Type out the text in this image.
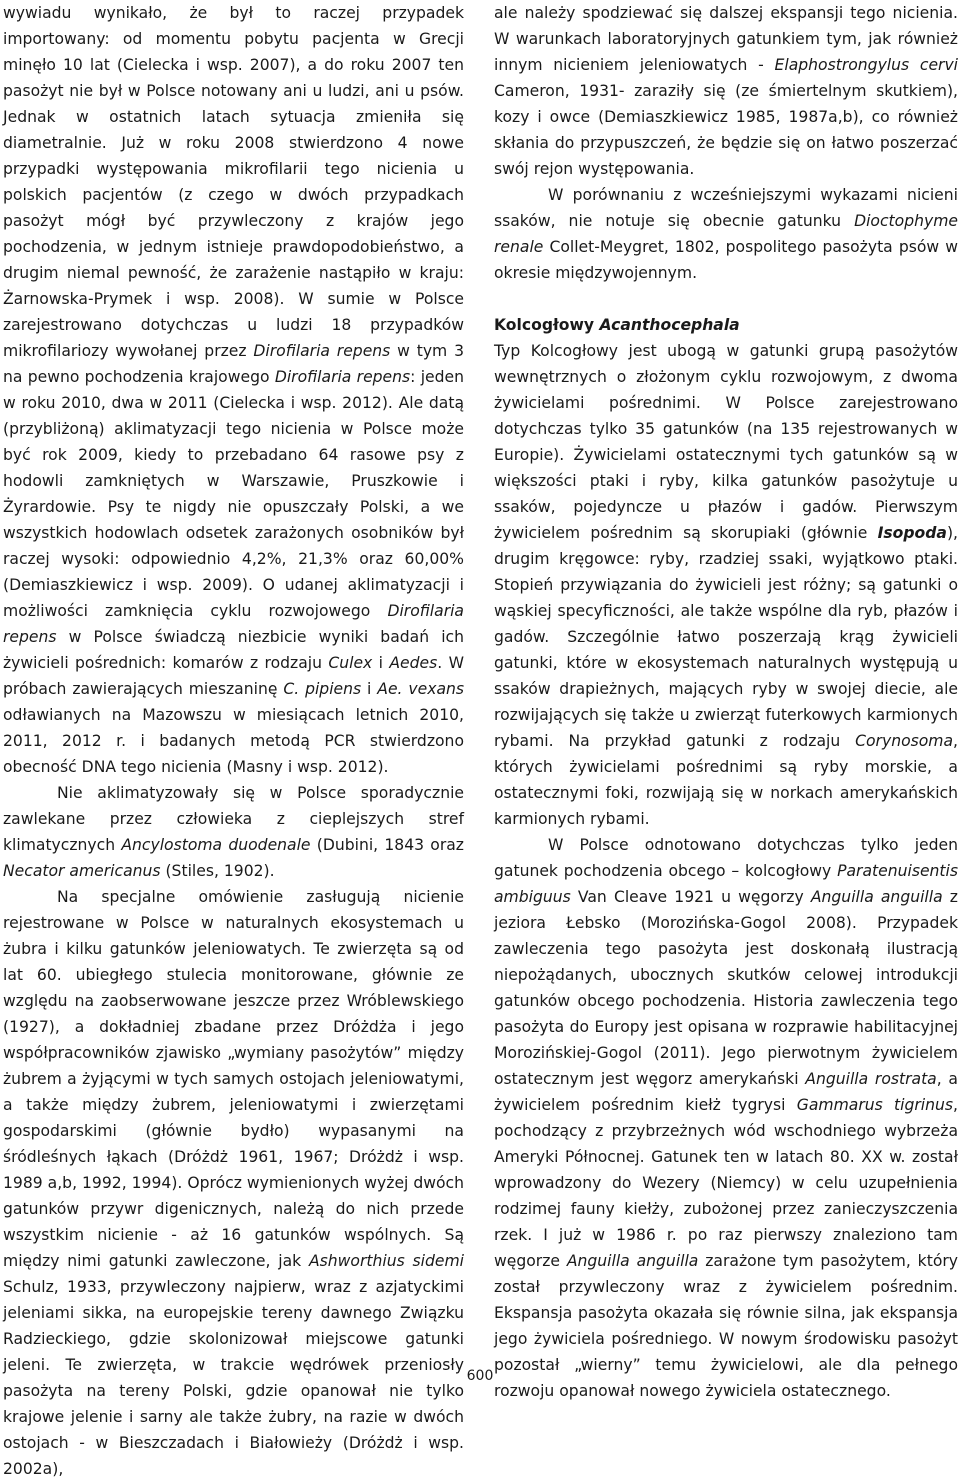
wywiadu wynikało, że był to raczej przypadek importowany: od momentu pobytu pacjenta w Grecji minęło 10 lat (Cielecka i wsp. 2007), a do roku 2007 ten pasożyt nie był w Polsce notowany ani u ludzi, ani u psów. Jednak w ostatnich latach sytuacja zmieniła się diametralnie. Już w roku 2008 stwierdzono 4 nowe przypadki występowania mikrofilarii tego nicienia u polskich pacjentów (z czego w dwóch przypadkach pasożyt mógł być przywleczony z krajów jego pochodzenia, w jednym istnieje prawdopodobieństwo, a drugim niemal pewność, że zarażenie nastąpiło w kraju: Żarnowska-Prymek i wsp. 2008). W sumie w Polsce zarejestrowano dotychczas u ludzi 18 przypadków mikrofilariozy wywołanej przez Dirofilaria repens w tym 3 na pewno pochodzenia krajowego Dirofilaria repens: jeden w roku 2010, dwa w 2011 (Cielecka i wsp. 2012). Ale datą (przybliżoną) aklimatyzacji tego nicienia w Polsce może być rok 2009, kiedy to przebadano 64 rasowe psy z hodowli zamkniętych w Warszawie, Pruszkowie i Żyrardowie. Psy te nigdy nie opuszczały Polski, a we wszystkich hodowlach odsetek zarażonych osobników był raczej wysoki: odpowiednio 4,2%, 21,3% oraz 60,00% (Demiaszkiewicz i wsp. 2009). O udanej aklimatyzacji i możliwości zamknięcia cyklu rozwojowego Dirofilaria repens w Polsce świadczą niezbicie wyniki badań ich żywicieli pośrednich: komarów z rodzaju Culex i Aedes. W próbach zawierających mieszaninę C. pipiens i Ae. vexans odławianych na Mazowszu w miesiącach letnich 2010, 2011, 2012 r. i badanych metodą PCR stwierdzono obecność DNA tego nicienia (Masny i wsp. 2012).

Nie aklimatyzowały się w Polsce sporadycznie zawlekane przez człowieka z cieplejszych stref klimatycznych Ancylostoma duodenale (Dubini, 1843 oraz Necator americanus (Stiles, 1902).

Na specjalne omówienie zasługują nicienie rejestrowane w Polsce w naturalnych ekosystemach u żubra i kilku gatunków jeleniowatych. Te zwierzęta są od lat 60. ubiegłego stulecia monitorowane, głównie ze względu na zaobserwowane jeszcze przez Wróblewskiego (1927), a dokładniej zbadane przez Dróżdża i jego współpracowników zjawisko „wymiany pasożytów” między żubrem a żyjącymi w tych samych ostojach jeleniowatymi, a także między żubrem, jeleniowatymi i zwierzętami gospodarskimi (głównie bydło) wypasanymi na śródleśnych łąkach (Dróżdż 1961, 1967; Dróżdż i wsp. 1989 a,b, 1992, 1994). Oprócz wymienionych wyżej dwóch gatunków przywr digenicznych, należą do nich przede wszystkim nicienie - aż 16 gatunków wspólnych. Są między nimi gatunki zawleczone, jak Ashworthius sidemi Schulz, 1933, przywleczony najpierw, wraz z azjatyckimi jeleniami sikka, na europejskie tereny dawnego Związku Radzieckiego, gdzie skolonizował miejscowe gatunki jeleni. Te zwierzęta, w trakcie wędrówek przeniosły pasożyta na tereny Polski, gdzie opanował nie tylko krajowe jelenie i sarny ale także żubry, na razie w dwóch ostojach - w Bieszczadach i Białowieży (Dróżdż i wsp. 2002a),

ale należy spodziewać się dalszej ekspansji tego nicienia. W warunkach laboratoryjnych gatunkiem tym, jak również innym nicieniem jeleniowatych - Elaphostrongylus cervi Cameron, 1931- zaraziły się (ze śmiertelnym skutkiem), kozy i owce (Demiaszkiewicz 1985, 1987a,b), co również skłania do przypuszczeń, że będzie się on łatwo poszerzać swój rejon występowania.

W porównaniu z wcześniejszymi wykazami nicieni ssaków, nie notuje się obecnie gatunku Dioctophyme renale Collet-Meygret, 1802, pospolitego pasożyta psów w okresie międzywojennym.

Kolcogłowy Acanthocephala

Typ Kolcogłowy jest ubogą w gatunki grupą pasożytów wewnętrznych o złożonym cyklu rozwojowym, z dwoma żywicielami pośrednimi. W Polsce zarejestrowano dotychczas tylko 35 gatunków (na 135 rejestrowanych w Europie). Żywicielami ostatecznymi tych gatunków są w większości ptaki i ryby, kilka gatunków pasożytuje u ssaków, pojedyncze u płazów i gadów. Pierwszym żywicielem pośrednim są skorupiaki (głównie Isopoda), drugim kręgowce: ryby, rzadziej ssaki, wyjątkowo ptaki. Stopień przywiązania do żywicieli jest różny; są gatunki o wąskiej specyficzności, ale także wspólne dla ryb, płazów i gadów. Szczególnie łatwo poszerzają krąg żywicieli gatunki, które w ekosystemach naturalnych występują u ssaków drapieżnych, mających ryby w swojej diecie, ale rozwijających się także u zwierząt futerkowych karmionych rybami. Na przykład gatunki z rodzaju Corynosoma, których żywicielami pośrednimi są ryby morskie, a ostatecznymi foki, rozwijają się w norkach amerykańskich karmionych rybami.

W Polsce odnotowano dotychczas tylko jeden gatunek pochodzenia obcego – kolcogłowy Paratenuisentis ambiguus Van Cleave 1921 u węgorzy Anguilla anguilla z jeziora Łebsko (Morozińska-Gogol 2008). Przypadek zawleczenia tego pasożyta jest doskonałą ilustracją niepożądanych, ubocznych skutków celowej introdukcji gatunków obcego pochodzenia. Historia zawleczenia tego pasożyta do Europy jest opisana w rozprawie habilitacyjnej Morozińskiej-Gogol (2011). Jego pierwotnym żywicielem ostatecznym jest węgorz amerykański Anguilla rostrata, a żywicielem pośrednim kiełż tygrysi Gammarus tigrinus, pochodzący z przybrzeżnych wód wschodniego wybrzeża Ameryki Północnej. Gatunek ten w latach 80. XX w. został wprowadzony do Wezery (Niemcy) w celu uzupełnienia rodzimej fauny kiełży, zubożonej przez zanieczyszczenia rzek. I już w 1986 r. po raz pierwszy znaleziono tam węgorze Anguilla anguilla zarażone tym pasożytem, który został przywleczony wraz z żywicielem pośrednim. Ekspansja pasożyta okazała się równie silna, jak ekspansja jego żywiciela pośredniego. W nowym środowisku pasożyt pozostał „wierny” temu żywicielowi, ale dla pełnego rozwoju opanował nowego żywiciela ostatecznego.

600
